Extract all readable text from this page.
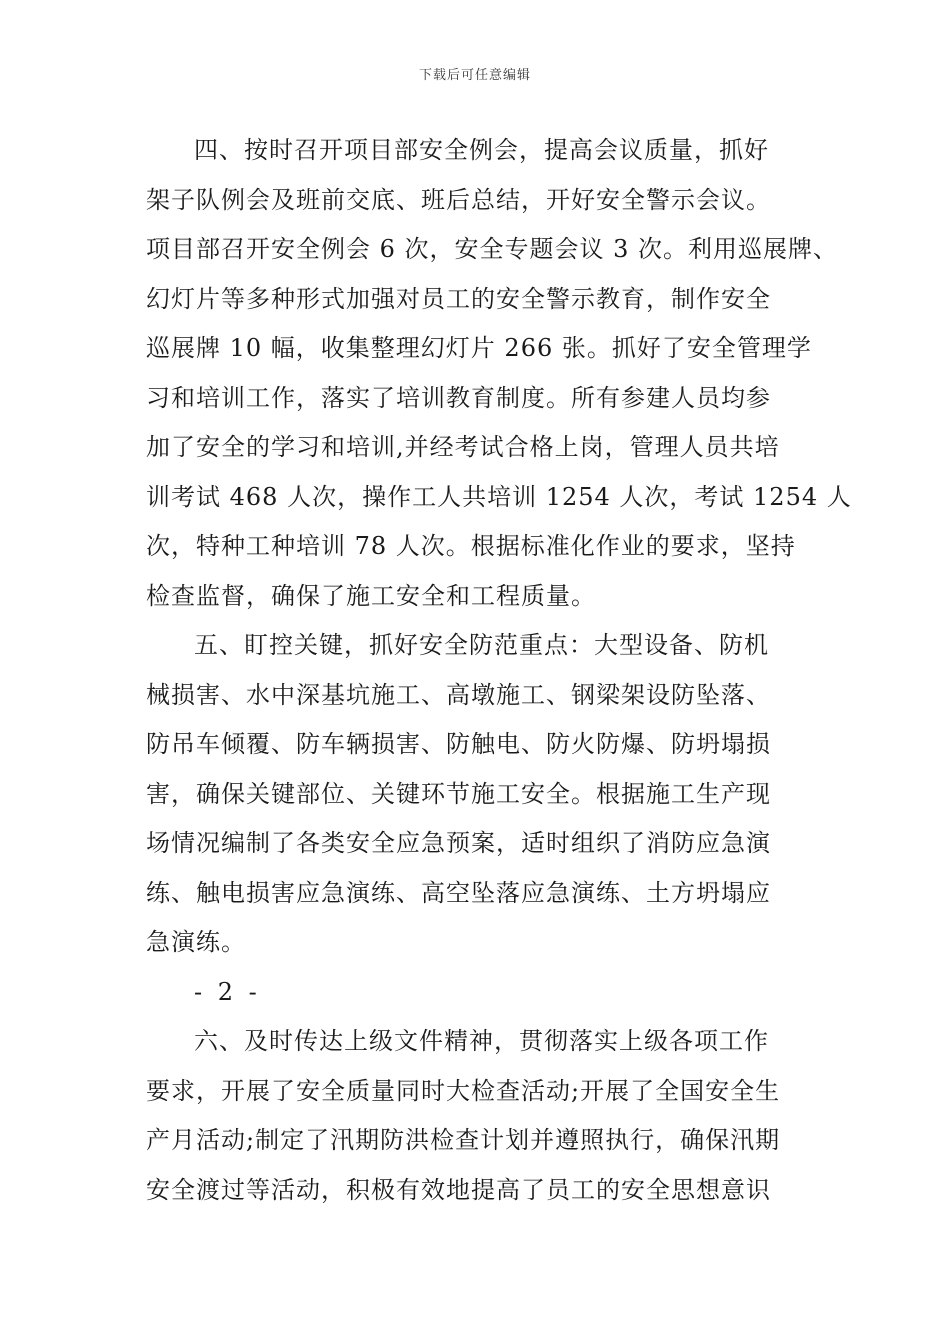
下载后可任意编辑
四、按时召开项目部安全例会，提高会议质量，抓好
架子队例会及班前交底、班后总结，开好安全警示会议。
项目部召开安全例会 6 次，安全专题会议 3 次。利用巡展牌、
幻灯片等多种形式加强对员工的安全警示教育，制作安全
巡展牌 10 幅，收集整理幻灯片 266 张。抓好了安全管理学
习和培训工作，落实了培训教育制度。所有参建人员均参
加了安全的学习和培训,并经考试合格上岗，管理人员共培
训考试 468 人次，操作工人共培训 1254 人次，考试 1254 人
次，特种工种培训 78 人次。根据标准化作业的要求，坚持
检查监督，确保了施工安全和工程质量。
五、盯控关键，抓好安全防范重点：大型设备、防机
械损害、水中深基坑施工、高墩施工、钢梁架设防坠落、
防吊车倾覆、防车辆损害、防触电、防火防爆、防坍塌损
害，确保关键部位、关键环节施工安全。根据施工生产现
场情况编制了各类安全应急预案，适时组织了消防应急演
练、触电损害应急演练、高空坠落应急演练、土方坍塌应
急演练。
- 2 -
六、及时传达上级文件精神，贯彻落实上级各项工作
要求，开展了安全质量同时大检查活动;开展了全国安全生
产月活动;制定了汛期防洪检查计划并遵照执行，确保汛期
安全渡过等活动，积极有效地提高了员工的安全思想意识
